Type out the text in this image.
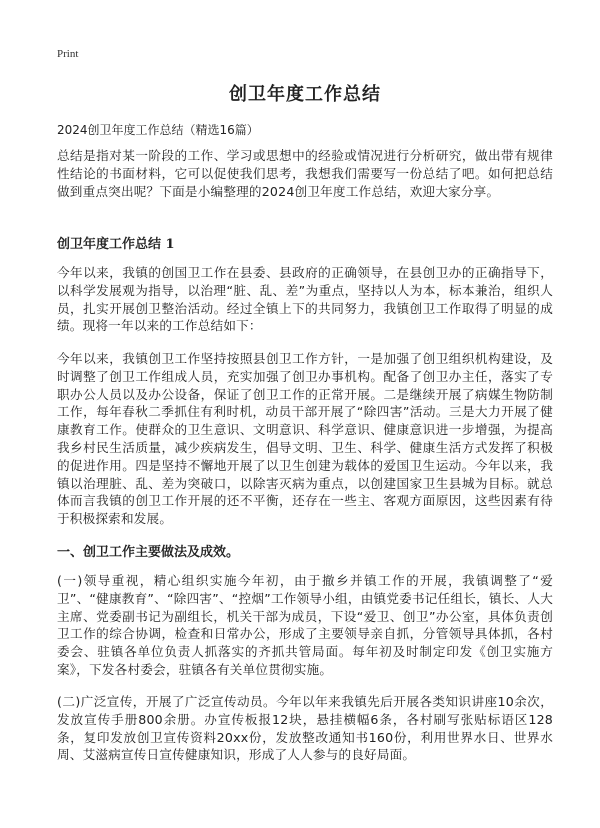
Print
创卫年度工作总结

2024创卫年度工作总结（精选16篇）

总结是指对某一阶段的工作、学习或思想中的经验或情况进行分析研究，做出带有规律性结论的书面材料，它可以促使我们思考，我想我们需要写一份总结了吧。如何把总结做到重点突出呢？下面是小编整理的2024创卫年度工作总结，欢迎大家分享。

创卫年度工作总结 1

今年以来，我镇的创国卫工作在县委、县政府的正确领导，在县创卫办的正确指导下，以科学发展观为指导，以治理“脏、乱、差”为重点，坚持以人为本，标本兼治，组织人员，扎实开展创卫整治活动。经过全镇上下的共同努力，我镇创卫工作取得了明显的成绩。现将一年以来的工作总结如下：

今年以来，我镇创卫工作坚持按照县创卫工作方针，一是加强了创卫组织机构建设，及时调整了创卫工作组成人员，充实加强了创卫办事机构。配备了创卫办主任，落实了专职办公人员以及办公设备，保证了创卫工作的正常开展。二是继续开展了病媒生物防制工作，每年春秋二季抓住有利时机，动员干部开展了“除四害”活动。三是大力开展了健康教育工作。使群众的卫生意识、文明意识、科学意识、健康意识进一步增强，为提高我乡村民生活质量，减少疾病发生，倡导文明、卫生、科学、健康生活方式发挥了积极的促进作用。四是坚持不懈地开展了以卫生创建为载体的爱国卫生运动。今年以来，我镇以治理脏、乱、差为突破口，以除害灭病为重点，以创建国家卫生县城为目标。就总体而言我镇的创卫工作开展的还不平衡，还存在一些主、客观方面原因，这些因素有待于积极探索和发展。

一、创卫工作主要做法及成效。

(一)领导重视，精心组织实施今年初，由于撤乡并镇工作的开展，我镇调整了“爱卫”、“健康教育”、“除四害”、“控烟”工作领导小组，由镇党委书记任组长，镇长、人大主席、党委副书记为副组长，机关干部为成员，下设“爱卫、创卫”办公室，具体负责创卫工作的综合协调，检查和日常办公，形成了主要领导亲自抓，分管领导具体抓，各村委会、驻镇各单位负责人抓落实的齐抓共管局面。每年初及时制定印发《创卫实施方案》，下发各村委会，驻镇各有关单位贯彻实施。

(二)广泛宣传，开展了广泛宣传动员。今年以年来我镇先后开展各类知识讲座10余次，发放宣传手册800余册。办宣传板报12块，悬挂横幅6条，各村刷写张贴标语区128条，复印发放创卫宣传资料20xx份，发放整改通知书160份，利用世界水日、世界水周、艾滋病宣传日宣传健康知识，形成了人人参与的良好局面。
